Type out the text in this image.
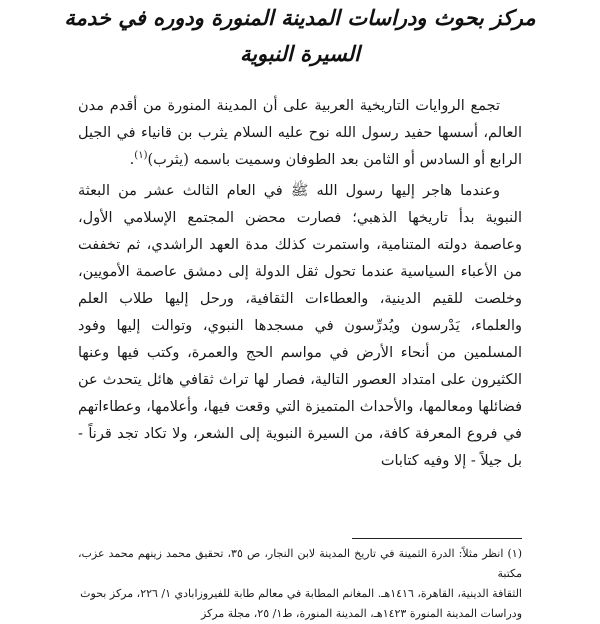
مركز بحوث ودراسات المدينة المنورة ودوره في خدمة
السيرة النبوية

تجمع الروايات التاريخية العربية على أن المدينة المنورة من أقدم مدن العالم، أسسها حفيد رسول الله نوح عليه السلام يثرب بن قانياء في الجيل الرابع أو السادس أو الثامن بعد الطوفان وسميت باسمه (يثرب)$^{(١)}$.

وعندما هاجر إليها رسول الله ﷺ في العام الثالث عشر من البعثة النبوية بدأ تاريخها الذهبي؛ فصارت محضن المجتمع الإسلامي الأول، وعاصمة دولته المتنامية، واستمرت كذلك مدة العهد الراشدي، ثم تخففت من الأعباء السياسية عندما تحول ثقل الدولة إلى دمشق عاصمة الأمويين، وخلصت للقيم الدينية، والعطاءات الثقافية، ورحل إليها طلاب العلم والعلماء، يَدْرسون ويُدرِّسون في مسجدها النبوي، وتوالت إليها وفود المسلمين من أنحاء الأرض في مواسم الحج والعمرة، وكتب فيها وعنها الكثيرون على امتداد العصور التالية، فصار لها تراث ثقافي هائل يتحدث عن فضائلها ومعالمها، والأحداث المتميزة التي وقعت فيها، وأعلامها، وعطاءاتهم في فروع المعرفة كافة، من السيرة النبوية إلى الشعر، ولا تكاد تجد قرناً - بل جيلاً - إلا وفيه كتابات

(١) انظر مثلاً: الدرة الثمينة في تاريخ المدينة لابن النجار، ص ٣٥، تحقيق محمد زينهم محمد عزب، مكتبة

الثقافة الدينية، القاهرة، ١٤١٦هـ. المغانم المطابة في معالم طابة للفيروزابادي ١/ ٢٢٦، مركز بحوث

ودراسات المدينة المنورة ١٤٢٣هـ، المدينة المنورة، ط١/ ٢٥، مجلة مركز
